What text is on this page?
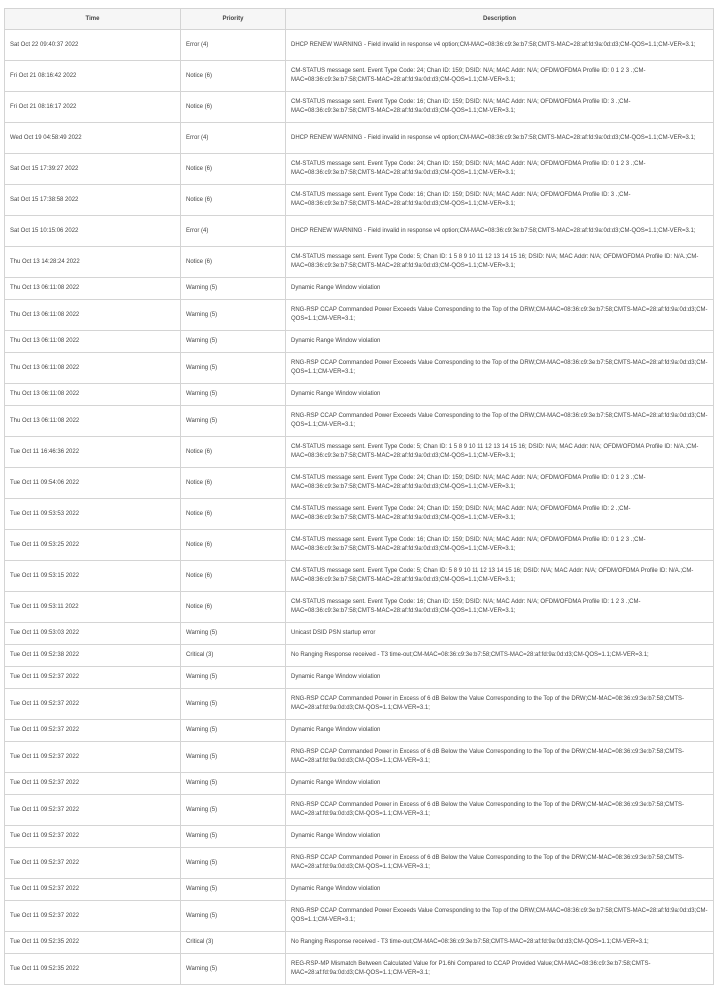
Time	Priority	Description
Sat Oct 22 09:40:37 2022	Error (4)	DHCP RENEW WARNING - Field invalid in response v4 option;CM-MAC=08:36:c9:3e:b7:58;CMTS-MAC=28:af:fd:9a:0d:d3;CM-QOS=1.1;CM-VER=3.1;
Fri Oct 21 08:16:42 2022	Notice (6)	CM-STATUS message sent. Event Type Code: 24; Chan ID: 159; DSID: N/A; MAC Addr: N/A; OFDM/OFDMA Profile ID: 0 1 2 3 .;CM-MAC=08:36:c9:3e:b7:58;CMTS-MAC=28:af:fd:9a:0d:d3;CM-QOS=1.1;CM-VER=3.1;
Fri Oct 21 08:16:17 2022	Notice (6)	CM-STATUS message sent. Event Type Code: 16; Chan ID: 159; DSID: N/A; MAC Addr: N/A; OFDM/OFDMA Profile ID: 3 .;CM-MAC=08:36:c9:3e:b7:58;CMTS-MAC=28:af:fd:9a:0d:d3;CM-QOS=1.1;CM-VER=3.1;
Wed Oct 19 04:58:49 2022	Error (4)	DHCP RENEW WARNING - Field invalid in response v4 option;CM-MAC=08:36:c9:3e:b7:58;CMTS-MAC=28:af:fd:9a:0d:d3;CM-QOS=1.1;CM-VER=3.1;
Sat Oct 15 17:39:27 2022	Notice (6)	CM-STATUS message sent. Event Type Code: 24; Chan ID: 159; DSID: N/A; MAC Addr: N/A; OFDM/OFDMA Profile ID: 0 1 2 3 .;CM-MAC=08:36:c9:3e:b7:58;CMTS-MAC=28:af:fd:9a:0d:d3;CM-QOS=1.1;CM-VER=3.1;
Sat Oct 15 17:38:58 2022	Notice (6)	CM-STATUS message sent. Event Type Code: 16; Chan ID: 159; DSID: N/A; MAC Addr: N/A; OFDM/OFDMA Profile ID: 3 .;CM-MAC=08:36:c9:3e:b7:58;CMTS-MAC=28:af:fd:9a:0d:d3;CM-QOS=1.1;CM-VER=3.1;
Sat Oct 15 10:15:06 2022	Error (4)	DHCP RENEW WARNING - Field invalid in response v4 option;CM-MAC=08:36:c9:3e:b7:58;CMTS-MAC=28:af:fd:9a:0d:d3;CM-QOS=1.1;CM-VER=3.1;
Thu Oct 13 14:28:24 2022	Notice (6)	CM-STATUS message sent. Event Type Code: 5; Chan ID: 1 5 8 9 10 11 12 13 14 15 16; DSID: N/A; MAC Addr: N/A; OFDM/OFDMA Profile ID: N/A.;CM-MAC=08:36:c9:3e:b7:58;CMTS-MAC=28:af:fd:9a:0d:d3;CM-QOS=1.1;CM-VER=3.1;
Thu Oct 13 06:11:08 2022	Warning (5)	Dynamic Range Window violation
Thu Oct 13 06:11:08 2022	Warning (5)	RNG-RSP CCAP Commanded Power Exceeds Value Corresponding to the Top of the DRW;CM-MAC=08:36:c9:3e:b7:58;CMTS-MAC=28:af:fd:9a:0d:d3;CM-QOS=1.1;CM-VER=3.1;
Thu Oct 13 06:11:08 2022	Warning (5)	Dynamic Range Window violation
Thu Oct 13 06:11:08 2022	Warning (5)	RNG-RSP CCAP Commanded Power Exceeds Value Corresponding to the Top of the DRW;CM-MAC=08:36:c9:3e:b7:58;CMTS-MAC=28:af:fd:9a:0d:d3;CM-QOS=1.1;CM-VER=3.1;
Thu Oct 13 06:11:08 2022	Warning (5)	Dynamic Range Window violation
Thu Oct 13 06:11:08 2022	Warning (5)	RNG-RSP CCAP Commanded Power Exceeds Value Corresponding to the Top of the DRW;CM-MAC=08:36:c9:3e:b7:58;CMTS-MAC=28:af:fd:9a:0d:d3;CM-QOS=1.1;CM-VER=3.1;
Tue Oct 11 16:46:36 2022	Notice (6)	CM-STATUS message sent. Event Type Code: 5; Chan ID: 1 5 8 9 10 11 12 13 14 15 16; DSID: N/A; MAC Addr: N/A; OFDM/OFDMA Profile ID: N/A.;CM-MAC=08:36:c9:3e:b7:58;CMTS-MAC=28:af:fd:9a:0d:d3;CM-QOS=1.1;CM-VER=3.1;
Tue Oct 11 09:54:06 2022	Notice (6)	CM-STATUS message sent. Event Type Code: 24; Chan ID: 159; DSID: N/A; MAC Addr: N/A; OFDM/OFDMA Profile ID: 0 1 2 3 .;CM-MAC=08:36:c9:3e:b7:58;CMTS-MAC=28:af:fd:9a:0d:d3;CM-QOS=1.1;CM-VER=3.1;
Tue Oct 11 09:53:53 2022	Notice (6)	CM-STATUS message sent. Event Type Code: 24; Chan ID: 159; DSID: N/A; MAC Addr: N/A; OFDM/OFDMA Profile ID: 2 .;CM-MAC=08:36:c9:3e:b7:58;CMTS-MAC=28:af:fd:9a:0d:d3;CM-QOS=1.1;CM-VER=3.1;
Tue Oct 11 09:53:25 2022	Notice (6)	CM-STATUS message sent. Event Type Code: 16; Chan ID: 159; DSID: N/A; MAC Addr: N/A; OFDM/OFDMA Profile ID: 0 1 2 3 .;CM-MAC=08:36:c9:3e:b7:58;CMTS-MAC=28:af:fd:9a:0d:d3;CM-QOS=1.1;CM-VER=3.1;
Tue Oct 11 09:53:15 2022	Notice (6)	CM-STATUS message sent. Event Type Code: 5; Chan ID: 5 8 9 10 11 12 13 14 15 16; DSID: N/A; MAC Addr: N/A; OFDM/OFDMA Profile ID: N/A.;CM-MAC=08:36:c9:3e:b7:58;CMTS-MAC=28:af:fd:9a:0d:d3;CM-QOS=1.1;CM-VER=3.1;
Tue Oct 11 09:53:11 2022	Notice (6)	CM-STATUS message sent. Event Type Code: 16; Chan ID: 159; DSID: N/A; MAC Addr: N/A; OFDM/OFDMA Profile ID: 1 2 3 .;CM-MAC=08:36:c9:3e:b7:58;CMTS-MAC=28:af:fd:9a:0d:d3;CM-QOS=1.1;CM-VER=3.1;
Tue Oct 11 09:53:03 2022	Warning (5)	Unicast DSID PSN startup error
Tue Oct 11 09:52:38 2022	Critical (3)	No Ranging Response received - T3 time-out;CM-MAC=08:36:c9:3e:b7:58;CMTS-MAC=28:af:fd:9a:0d:d3;CM-QOS=1.1;CM-VER=3.1;
Tue Oct 11 09:52:37 2022	Warning (5)	Dynamic Range Window violation
Tue Oct 11 09:52:37 2022	Warning (5)	RNG-RSP CCAP Commanded Power in Excess of 6 dB Below the Value Corresponding to the Top of the DRW;CM-MAC=08:36:c9:3e:b7:58;CMTS-MAC=28:af:fd:9a:0d:d3;CM-QOS=1.1;CM-VER=3.1;
Tue Oct 11 09:52:37 2022	Warning (5)	Dynamic Range Window violation
Tue Oct 11 09:52:37 2022	Warning (5)	RNG-RSP CCAP Commanded Power in Excess of 6 dB Below the Value Corresponding to the Top of the DRW;CM-MAC=08:36:c9:3e:b7:58;CMTS-MAC=28:af:fd:9a:0d:d3;CM-QOS=1.1;CM-VER=3.1;
Tue Oct 11 09:52:37 2022	Warning (5)	Dynamic Range Window violation
Tue Oct 11 09:52:37 2022	Warning (5)	RNG-RSP CCAP Commanded Power in Excess of 6 dB Below the Value Corresponding to the Top of the DRW;CM-MAC=08:36:c9:3e:b7:58;CMTS-MAC=28:af:fd:9a:0d:d3;CM-QOS=1.1;CM-VER=3.1;
Tue Oct 11 09:52:37 2022	Warning (5)	Dynamic Range Window violation
Tue Oct 11 09:52:37 2022	Warning (5)	RNG-RSP CCAP Commanded Power in Excess of 6 dB Below the Value Corresponding to the Top of the DRW;CM-MAC=08:36:c9:3e:b7:58;CMTS-MAC=28:af:fd:9a:0d:d3;CM-QOS=1.1;CM-VER=3.1;
Tue Oct 11 09:52:37 2022	Warning (5)	Dynamic Range Window violation
Tue Oct 11 09:52:37 2022	Warning (5)	RNG-RSP CCAP Commanded Power Exceeds Value Corresponding to the Top of the DRW;CM-MAC=08:36:c9:3e:b7:58;CMTS-MAC=28:af:fd:9a:0d:d3;CM-QOS=1.1;CM-VER=3.1;
Tue Oct 11 09:52:35 2022	Critical (3)	No Ranging Response received - T3 time-out;CM-MAC=08:36:c9:3e:b7:58;CMTS-MAC=28:af:fd:9a:0d:d3;CM-QOS=1.1;CM-VER=3.1;
Tue Oct 11 09:52:35 2022	Warning (5)	REG-RSP-MP Mismatch Between Calculated Value for P1.6hi Compared to CCAP Provided Value;CM-MAC=08:36:c9:3e:b7:58;CMTS-MAC=28:af:fd:9a:0d:d3;CM-QOS=1.1;CM-VER=3.1;
